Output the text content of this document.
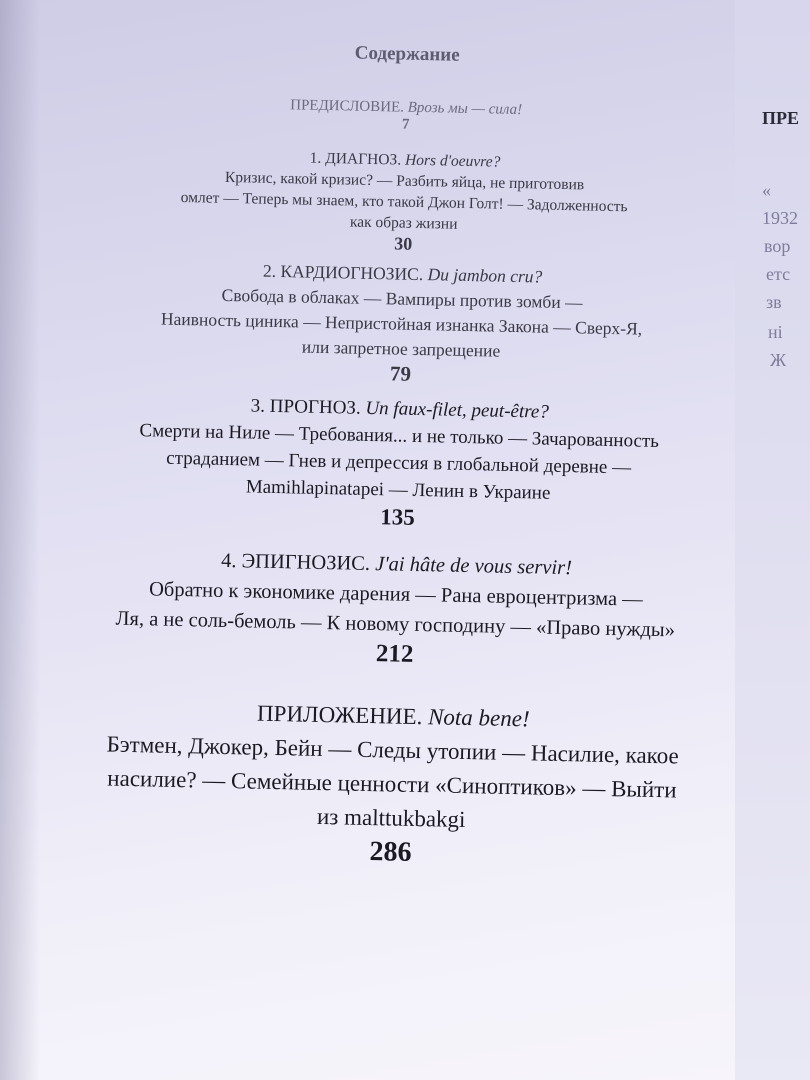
ПРЕ
«
1932
вор
етс
зв
ні
Ж
Содержание
ПРЕДИСЛОВИЕ. Врозь мы — сила!
7
1. ДИАГНОЗ. Hors d'oeuvre?
Кризис, какой кризис? — Разбить яйца, не приготовив
омлет — Теперь мы знаем, кто такой Джон Голт! — Задолженность
как образ жизни
30
2. КАРДИОГНОЗИС. Du jambon cru?
Свобода в облаках — Вампиры против зомби —
Наивность циника — Непристойная изнанка Закона — Сверх-Я,
или запретное запрещение
79
3. ПРОГНОЗ. Un faux-filet, peut-être?
Смерти на Ниле — Требования... и не только — Зачарованность
страданием — Гнев и депрессия в глобальной деревне —
Mamihlapinatapei — Ленин в Украине
135
4. ЭПИГНОЗИС. J'ai hâte de vous servir!
Обратно к экономике дарения — Рана евроцентризма —
Ля, а не соль-бемоль — К новому господину — «Право нужды»
212
ПРИЛОЖЕНИЕ. Nota bene!
Бэтмен, Джокер, Бейн — Следы утопии — Насилие, какое
насилие? — Семейные ценности «Синоптиков» — Выйти
из malttukbakgi
286
